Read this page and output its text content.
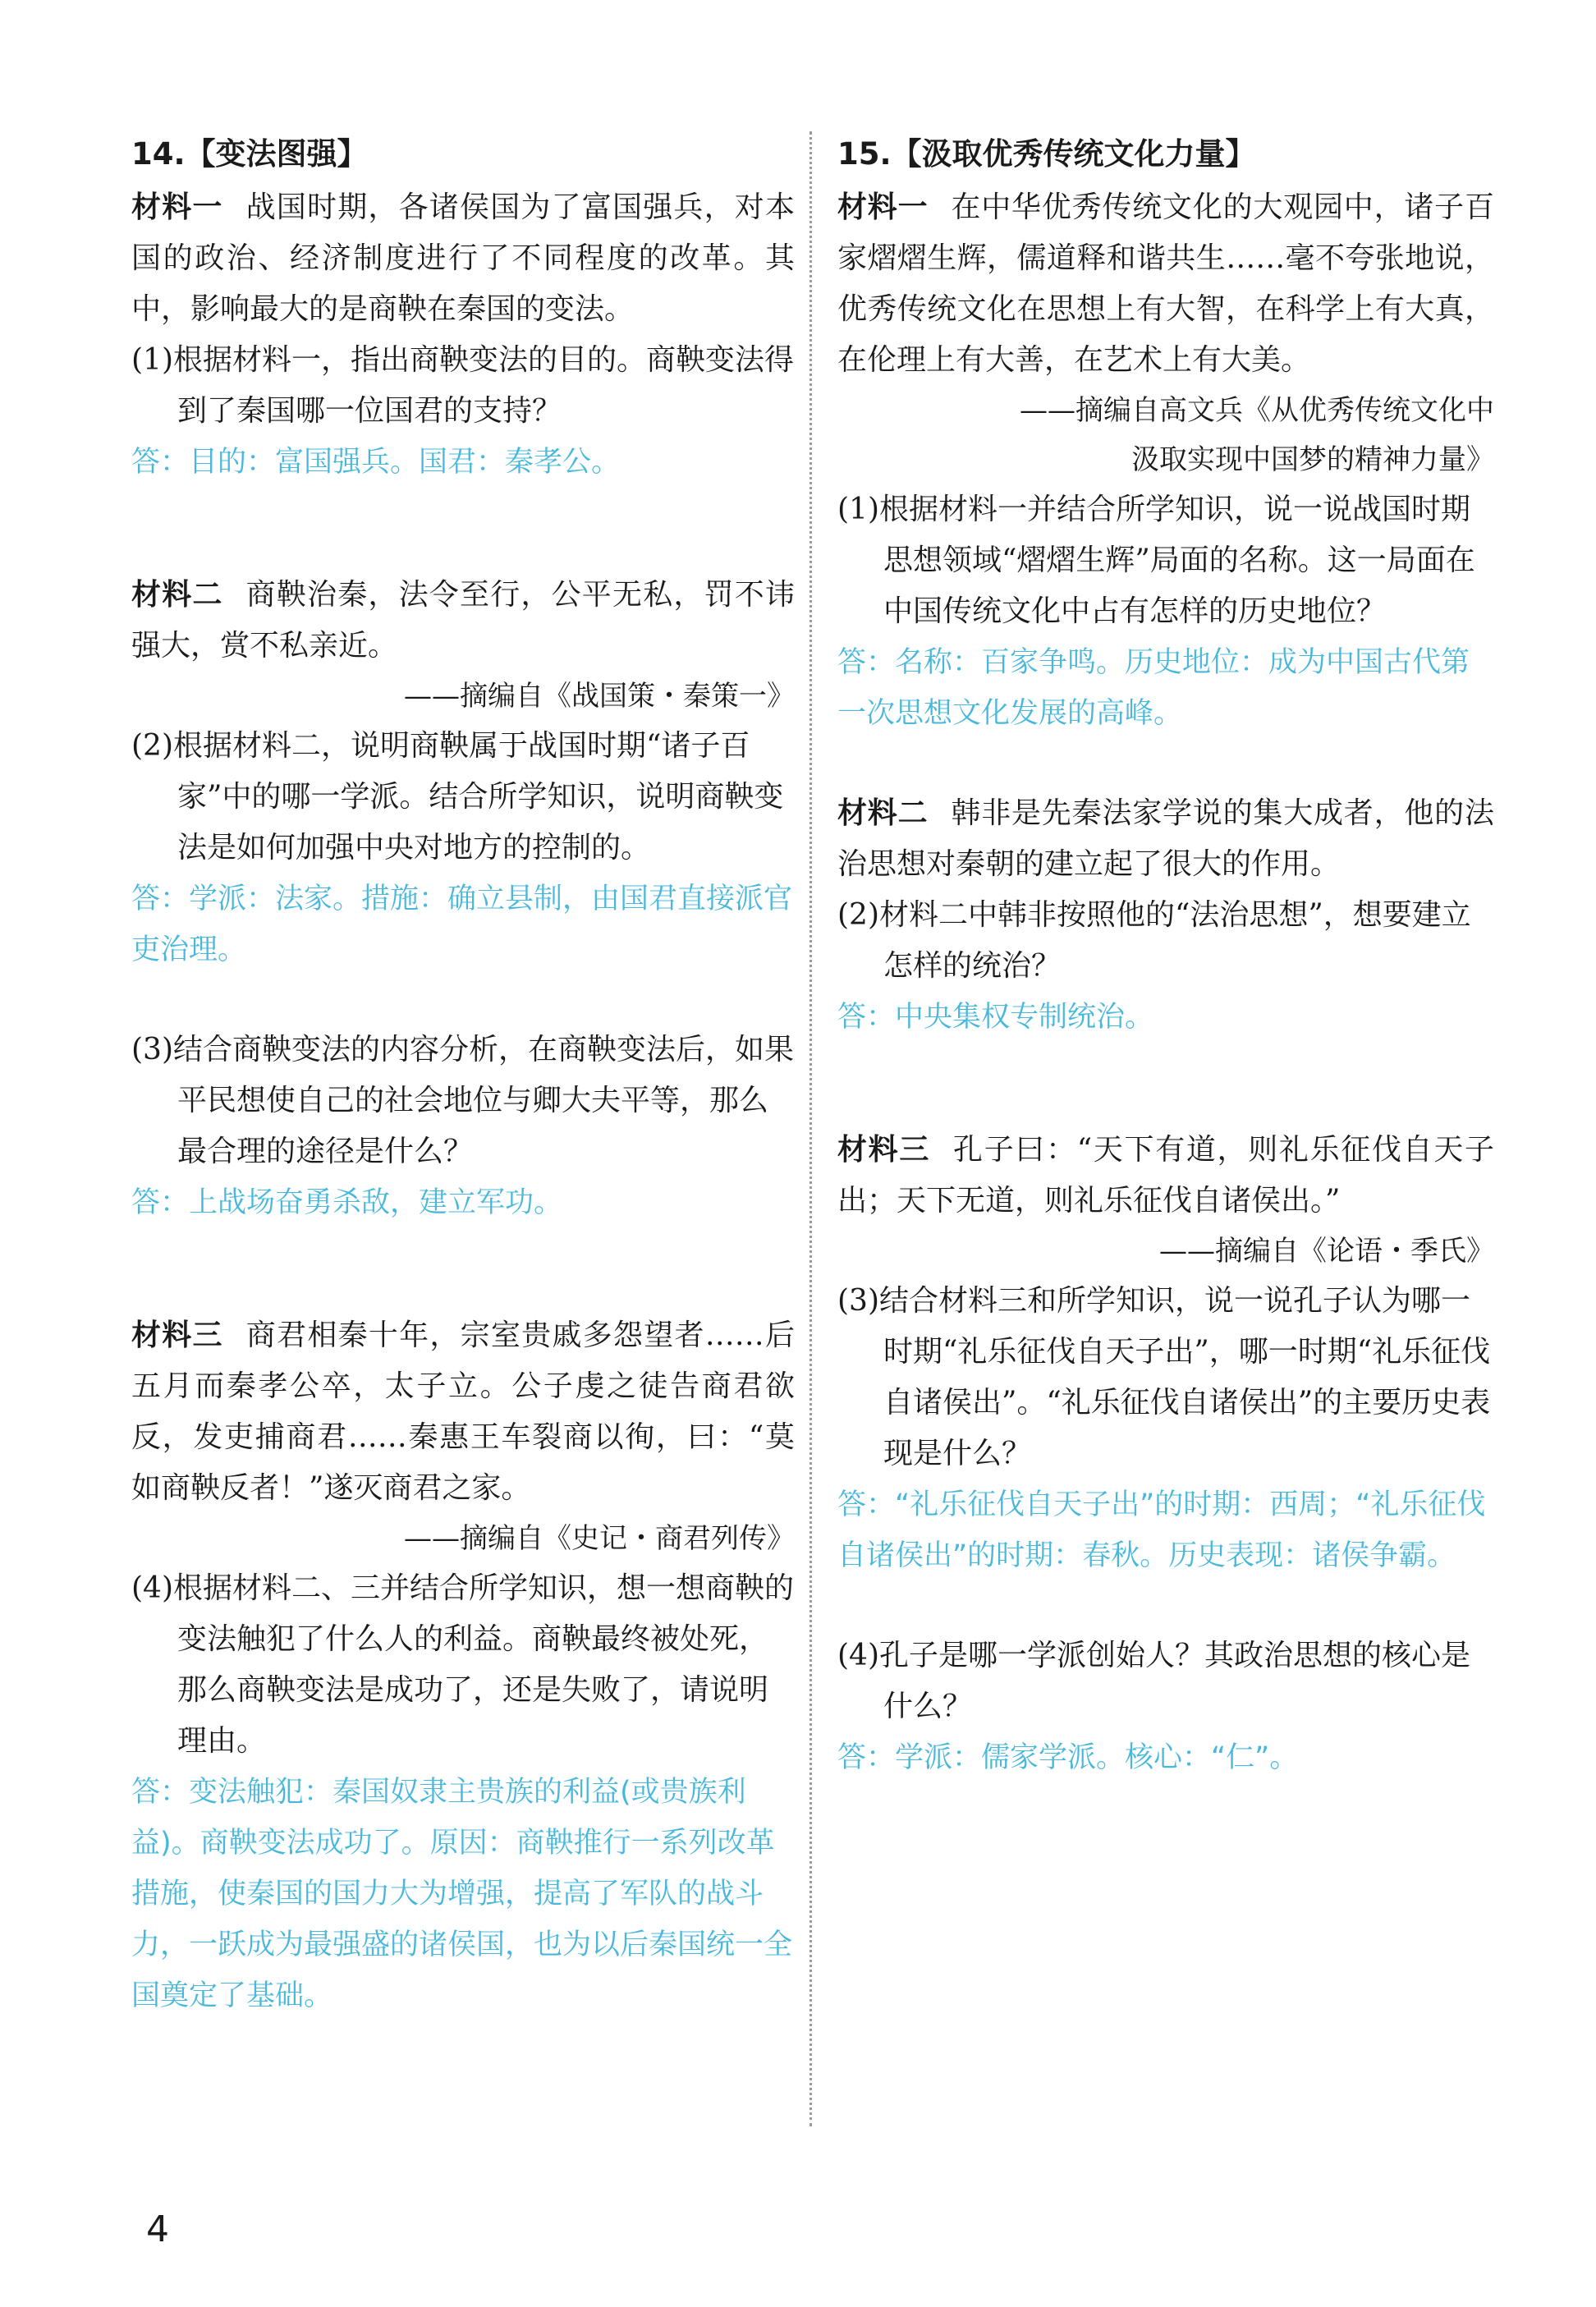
14.【变法图强】

材料一 战国时期，各诸侯国为了富国强兵，对本国的政治、经济制度进行了不同程度的改革。其中，影响最大的是商鞅在秦国的变法。

(1)根据材料一，指出商鞅变法的目的。商鞅变法得到了秦国哪一位国君的支持？

答：目的：富国强兵。国君：秦孝公。

材料二 商鞅治秦，法令至行，公平无私，罚不讳强大，赏不私亲近。

——摘编自《战国策・秦策一》

(2)根据材料二，说明商鞅属于战国时期“诸子百家”中的哪一学派。结合所学知识，说明商鞅变法是如何加强中央对地方的控制的。

答：学派：法家。措施：确立县制，由国君直接派官吏治理。

(3)结合商鞅变法的内容分析，在商鞅变法后，如果平民想使自己的社会地位与卿大夫平等，那么最合理的途径是什么？

答：上战场奋勇杀敌，建立军功。

材料三 商君相秦十年，宗室贵戚多怨望者……后五月而秦孝公卒，太子立。公子虔之徒告商君欲反，发吏捕商君……秦惠王车裂商以徇，曰：“莫如商鞅反者！”遂灭商君之家。

——摘编自《史记・商君列传》

(4)根据材料二、三并结合所学知识，想一想商鞅的变法触犯了什么人的利益。商鞅最终被处死，那么商鞅变法是成功了，还是失败了，请说明理由。

答：变法触犯：秦国奴隶主贵族的利益(或贵族利益)。商鞅变法成功了。原因：商鞅推行一系列改革措施，使秦国的国力大为增强，提高了军队的战斗力，一跃成为最强盛的诸侯国，也为以后秦国统一全国奠定了基础。

15.【汲取优秀传统文化力量】

材料一 在中华优秀传统文化的大观园中，诸子百家熠熠生辉，儒道释和谐共生……毫不夸张地说，优秀传统文化在思想上有大智，在科学上有大真，在伦理上有大善，在艺术上有大美。

——摘编自高文兵《从优秀传统文化中

汲取实现中国梦的精神力量》

(1)根据材料一并结合所学知识，说一说战国时期思想领域“熠熠生辉”局面的名称。这一局面在中国传统文化中占有怎样的历史地位？

答：名称：百家争鸣。历史地位：成为中国古代第一次思想文化发展的高峰。

材料二 韩非是先秦法家学说的集大成者，他的法治思想对秦朝的建立起了很大的作用。

(2)材料二中韩非按照他的“法治思想”，想要建立怎样的统治？

答：中央集权专制统治。

材料三 孔子曰：“天下有道，则礼乐征伐自天子出；天下无道，则礼乐征伐自诸侯出。”

——摘编自《论语・季氏》

(3)结合材料三和所学知识，说一说孔子认为哪一时期“礼乐征伐自天子出”，哪一时期“礼乐征伐自诸侯出”。“礼乐征伐自诸侯出”的主要历史表现是什么？

答：“礼乐征伐自天子出”的时期：西周；“礼乐征伐自诸侯出”的时期：春秋。历史表现：诸侯争霸。

(4)孔子是哪一学派创始人？其政治思想的核心是什么？

答：学派：儒家学派。核心：“仁”。

4
